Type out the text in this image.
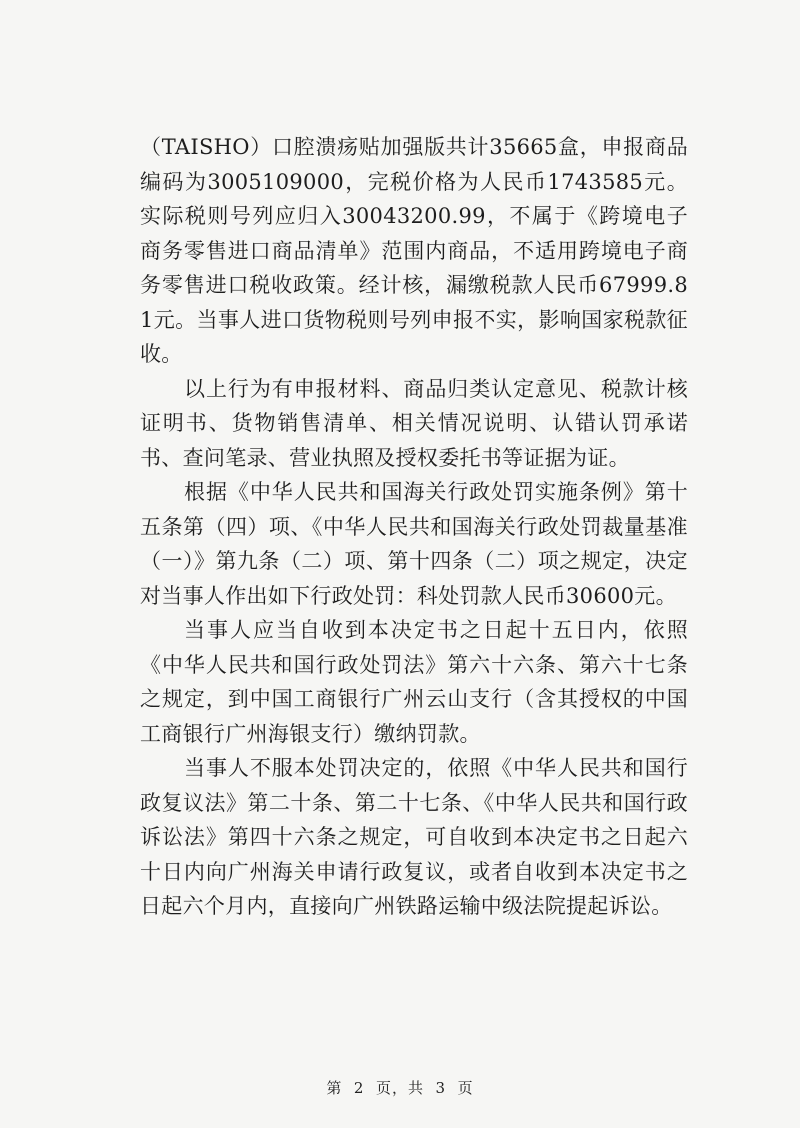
（TAISHO）口腔溃疡贴加强版共计35665盒，申报商品编码为3005109000，完税价格为人民币1743585元。实际税则号列应归入30043200.99，不属于《跨境电子商务零售进口商品清单》范围内商品，不适用跨境电子商务零售进口税收政策。经计核，漏缴税款人民币67999.81元。当事人进口货物税则号列申报不实，影响国家税款征收。

以上行为有申报材料、商品归类认定意见、税款计核证明书、货物销售清单、相关情况说明、认错认罚承诺书、查问笔录、营业执照及授权委托书等证据为证。

根据《中华人民共和国海关行政处罚实施条例》第十五条第（四）项、《中华人民共和国海关行政处罚裁量基准（一）》第九条（二）项、第十四条（二）项之规定，决定对当事人作出如下行政处罚：科处罚款人民币30600元。

当事人应当自收到本决定书之日起十五日内，依照《中华人民共和国行政处罚法》第六十六条、第六十七条之规定，到中国工商银行广州云山支行（含其授权的中国工商银行广州海银支行）缴纳罚款。

当事人不服本处罚决定的，依照《中华人民共和国行政复议法》第二十条、第二十七条、《中华人民共和国行政诉讼法》第四十六条之规定，可自收到本决定书之日起六十日内向广州海关申请行政复议，或者自收到本决定书之日起六个月内，直接向广州铁路运输中级法院提起诉讼。

第 2 页，共 3 页
